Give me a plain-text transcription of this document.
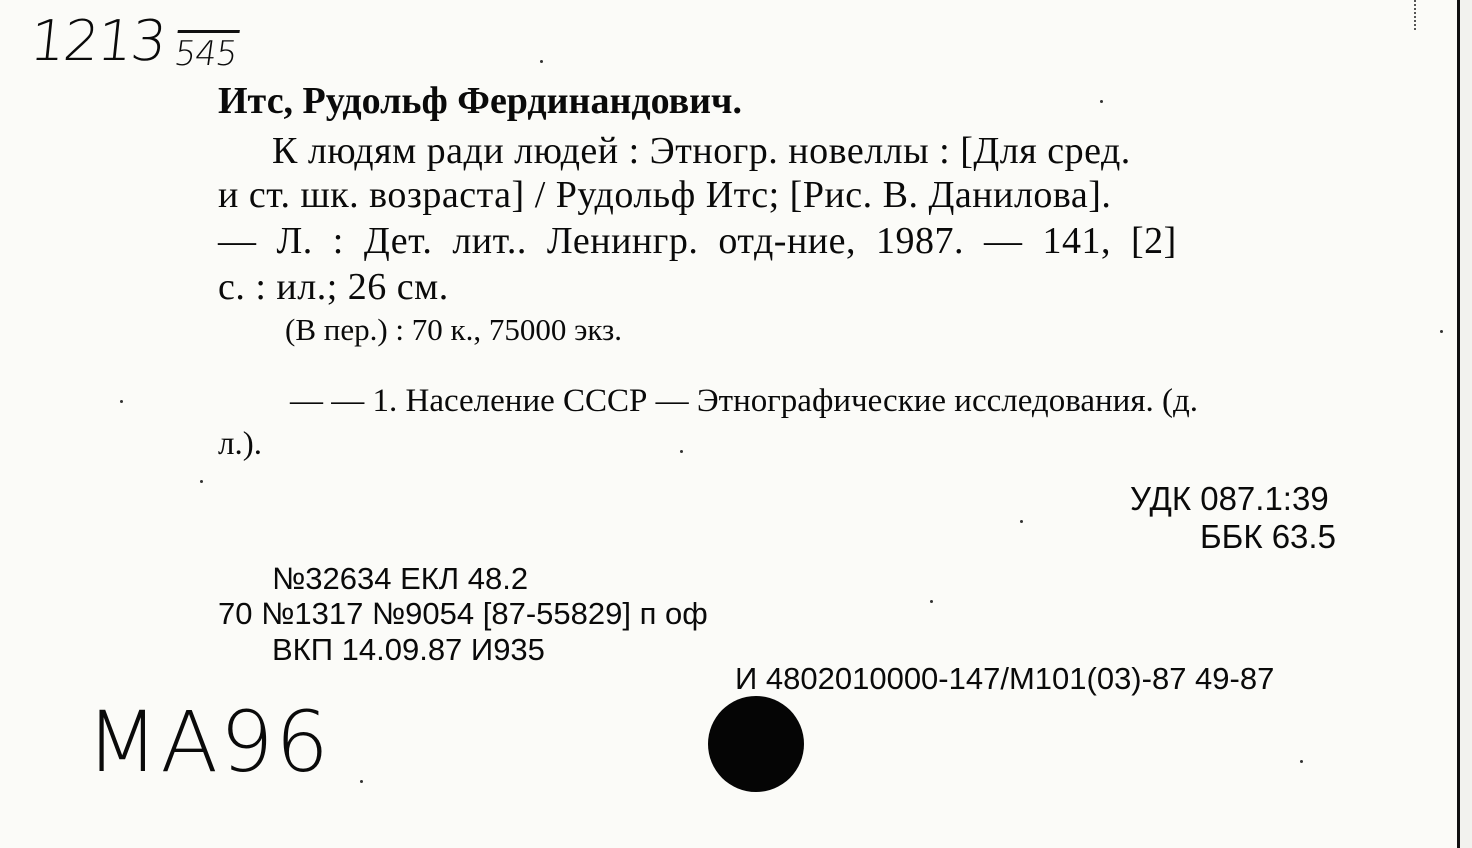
1213 545
Итс, Рудольф Фердинандович.
К людям ради людей : Этногр. новеллы : [Для сред.
и ст. шк. возраста] / Рудольф Итс; [Рис. В. Данилова].
— Л. : Дет. лит.. Ленингр. отд-ние, 1987. — 141, [2]
с. : ил.; 26 см.
(В пер.) : 70 к., 75000 экз.
— — 1. Население СССР — Этнографические исследования. (д.
л.).
УДК 087.1:39
ББК 63.5
№32634 ЕКЛ 48.2
70 №1317 №9054 [87-55829] п оф
ВКП 14.09.87 И935
И 4802010000-147/М101(03)-87 49-87
МА96
